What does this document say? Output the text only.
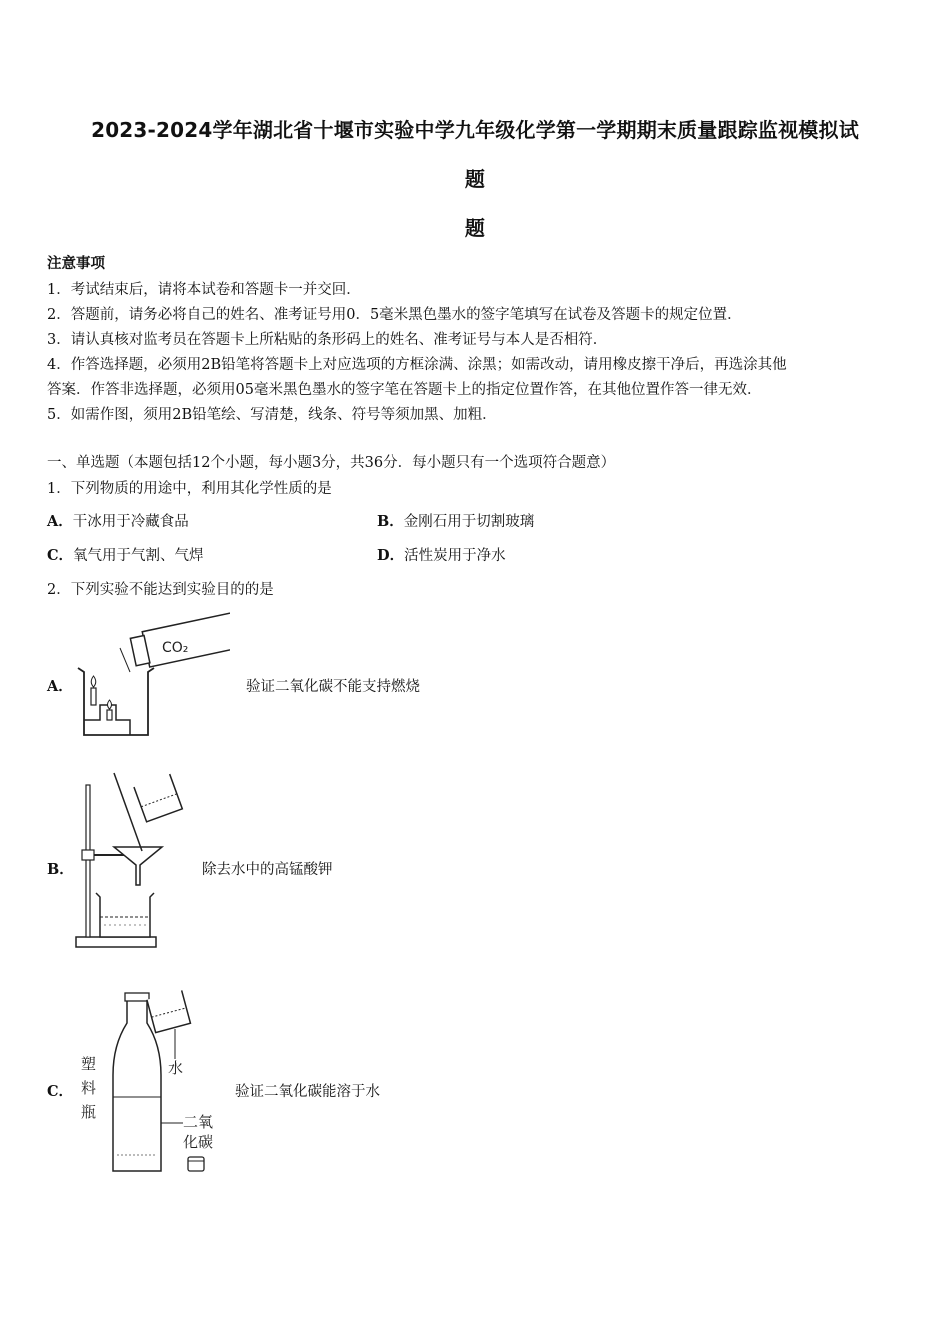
2023-2024学年湖北省十堰市实验中学九年级化学第一学期期末质量跟踪监视模拟试
题
题
注意事项
1．考试结束后，请将本试卷和答题卡一并交回．
2．答题前，请务必将自己的姓名、准考证号用0．5毫米黑色墨水的签字笔填写在试卷及答题卡的规定位置．
3．请认真核对监考员在答题卡上所粘贴的条形码上的姓名、准考证号与本人是否相符．
4．作答选择题，必须用2B铅笔将答题卡上对应选项的方框涂满、涂黑；如需改动，请用橡皮擦干净后，再选涂其他
答案．作答非选择题，必须用05毫米黑色墨水的签字笔在答题卡上的指定位置作答，在其他位置作答一律无效．
5．如需作图，须用2B铅笔绘、写清楚，线条、符号等须加黑、加粗．
一、单选题（本题包括12个小题，每小题3分，共36分．每小题只有一个选项符合题意）
1．下列物质的用途中，利用其化学性质的是
A．干冰用于冷藏食品	B．金刚石用于切割玻璃
C．氧气用于气割、气焊	D．活性炭用于净水
2．下列实验不能达到实验目的的是
A．
CO₂
验证二氧化碳不能支持燃烧
B．	除去水中的高锰酸钾
C．
水
塑
料
瓶
二氧
化碳
验证二氧化碳能溶于水
